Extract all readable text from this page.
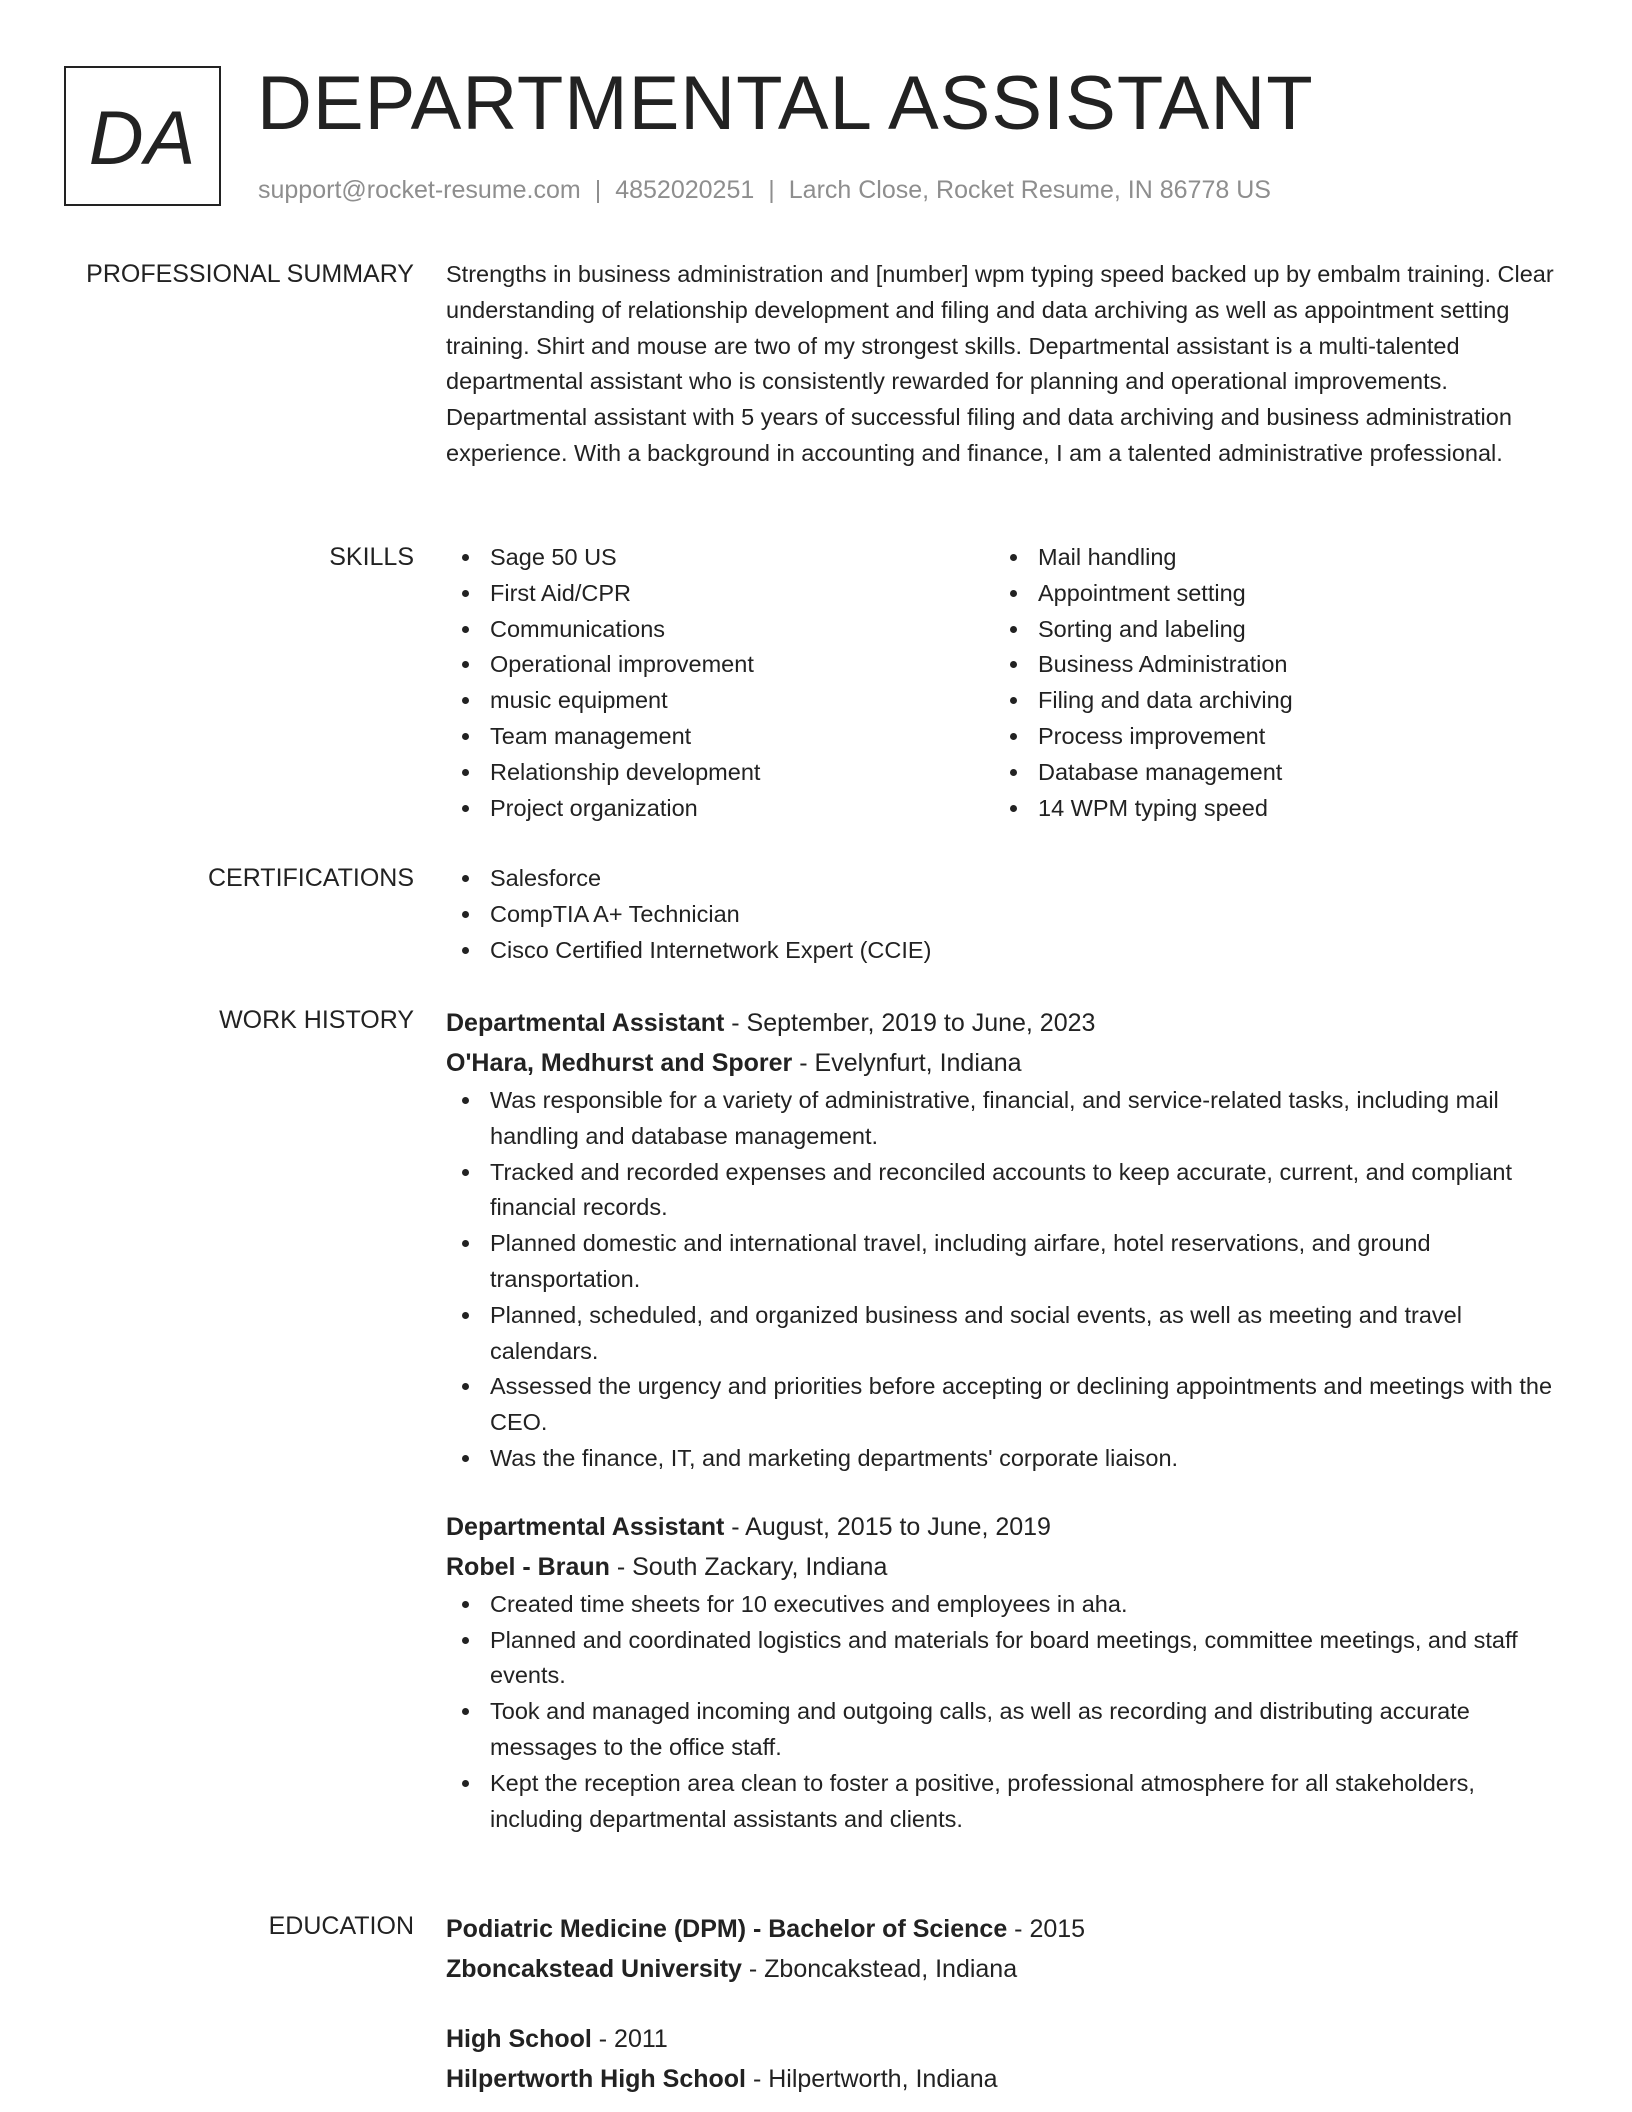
DA DEPARTMENTAL ASSISTANT
support@rocket-resume.com | 4852020251 | Larch Close, Rocket Resume, IN 86778 US
PROFESSIONAL SUMMARY Strengths in business administration and [number] wpm typing speed backed up by embalm training. Clear understanding of relationship development and filing and data archiving as well as appointment setting training. Shirt and mouse are two of my strongest skills. Departmental assistant is a multi-talented departmental assistant who is consistently rewarded for planning and operational improvements. Departmental assistant with 5 years of successful filing and data archiving and business administration experience. With a background in accounting and finance, I am a talented administrative professional.

SKILLS	Sage 50 US
First Aid/CPR
Communications
Operational improvement
music equipment
Team management
Relationship development
Project organization
Mail handling
Appointment setting
Sorting and labeling
Business Administration
Filing and data archiving
Process improvement
Database management
14 WPM typing speed
CERTIFICATIONS	Salesforce
CompTIA A+ Technician
Cisco Certified Internetwork Expert (CCIE)
WORK HISTORY Departmental Assistant - September, 2019 to June, 2023
O'Hara, Medhurst and Sporer - Evelynfurt, Indiana
Was responsible for a variety of administrative, financial, and service-related tasks, including mail handling and database management.
Tracked and recorded expenses and reconciled accounts to keep accurate, current, and compliant financial records.
Planned domestic and international travel, including airfare, hotel reservations, and ground transportation.
Planned, scheduled, and organized business and social events, as well as meeting and travel calendars.
Assessed the urgency and priorities before accepting or declining appointments and meetings with the CEO.
Was the finance, IT, and marketing departments' corporate liaison.
Departmental Assistant - August, 2015 to June, 2019
Robel - Braun - South Zackary, Indiana
Created time sheets for 10 executives and employees in aha.
Planned and coordinated logistics and materials for board meetings, committee meetings, and staff events.
Took and managed incoming and outgoing calls, as well as recording and distributing accurate messages to the office staff.
Kept the reception area clean to foster a positive, professional atmosphere for all stakeholders, including departmental assistants and clients.
EDUCATION Podiatric Medicine (DPM) - Bachelor of Science - 2015
Zboncakstead University - Zboncakstead, Indiana
High School - 2011
Hilpertworth High School - Hilpertworth, Indiana
